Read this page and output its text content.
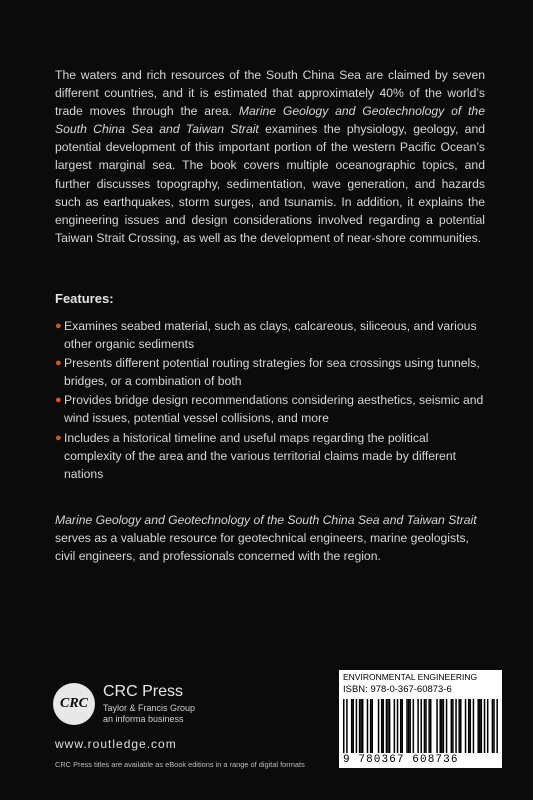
The waters and rich resources of the South China Sea are claimed by seven different countries, and it is estimated that approximately 40% of the world’s trade moves through the area. Marine Geology and Geotechnology of the South China Sea and Taiwan Strait examines the physiology, geology, and potential development of this important portion of the western Pacific Ocean’s largest marginal sea. The book covers multiple oceanographic topics, and further discusses topography, sedimentation, wave generation, and hazards such as earthquakes, storm surges, and tsunamis. In addition, it explains the engineering issues and design considerations involved regarding a potential Taiwan Strait Crossing, as well as the development of near-shore communities.

Features:
● Examines seabed material, such as clays, calcareous, siliceous, and various other organic sediments
● Presents different potential routing strategies for sea crossings using tunnels, bridges, or a combination of both
● Provides bridge design recommendations considering aesthetics, seismic and wind issues, potential vessel collisions, and more
● Includes a historical timeline and useful maps regarding the political complexity of the area and the various territorial claims made by different nations

Marine Geology and Geotechnology of the South China Sea and Taiwan Strait serves as a valuable resource for geotechnical engineers, marine geologists, civil engineers, and professionals concerned with the region.

CRC
CRC Press
Taylor & Francis Group
an informa business
www.routledge.com
CRC Press titles are available as eBook editions in a range of digital formats
ENVIRONMENTAL ENGINEERING
ISBN: 978-0-367-60873-6
9 780367 608736
